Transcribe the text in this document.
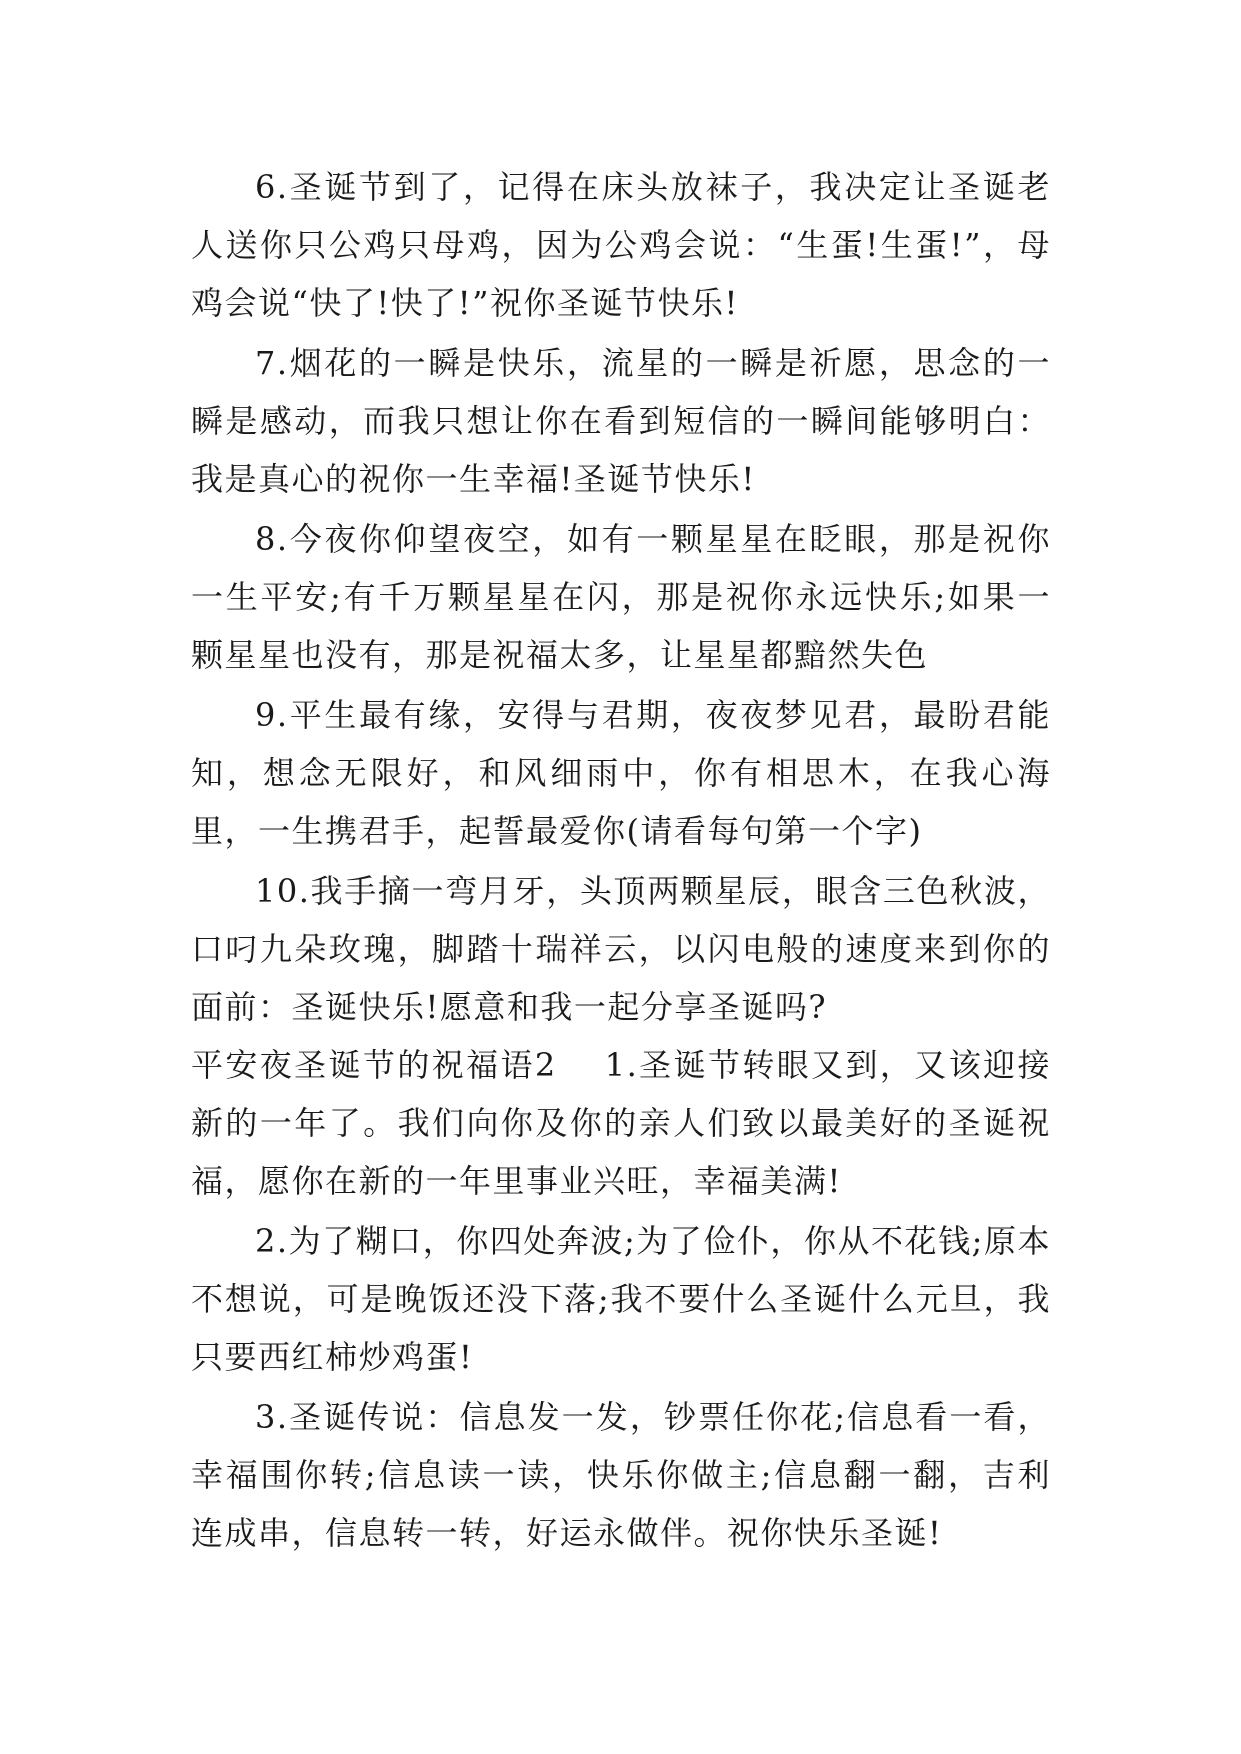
6.圣诞节到了，记得在床头放袜子，我决定让圣诞老人送你只公鸡只母鸡，因为公鸡会说：“生蛋!生蛋!”，母鸡会说“快了!快了!”祝你圣诞节快乐!

7.烟花的一瞬是快乐，流星的一瞬是祈愿，思念的一瞬是感动，而我只想让你在看到短信的一瞬间能够明白：我是真心的祝你一生幸福!圣诞节快乐!

8.今夜你仰望夜空，如有一颗星星在眨眼，那是祝你一生平安;有千万颗星星在闪，那是祝你永远快乐;如果一颗星星也没有，那是祝福太多，让星星都黯然失色

9.平生最有缘，安得与君期，夜夜梦见君，最盼君能知，想念无限好，和风细雨中，你有相思木，在我心海里，一生携君手，起誓最爱你(请看每句第一个字)

10.我手摘一弯月牙，头顶两颗星辰，眼含三色秋波，口叼九朵玫瑰，脚踏十瑞祥云，以闪电般的速度来到你的面前：圣诞快乐!愿意和我一起分享圣诞吗?

平安夜圣诞节的祝福语2 1.圣诞节转眼又到，又该迎接新的一年了。我们向你及你的亲人们致以最美好的圣诞祝福，愿你在新的一年里事业兴旺，幸福美满!

2.为了糊口，你四处奔波;为了俭仆，你从不花钱;原本不想说，可是晚饭还没下落;我不要什么圣诞什么元旦，我只要西红柿炒鸡蛋!

3.圣诞传说：信息发一发，钞票任你花;信息看一看，幸福围你转;信息读一读，快乐你做主;信息翻一翻，吉利连成串，信息转一转，好运永做伴。祝你快乐圣诞!
